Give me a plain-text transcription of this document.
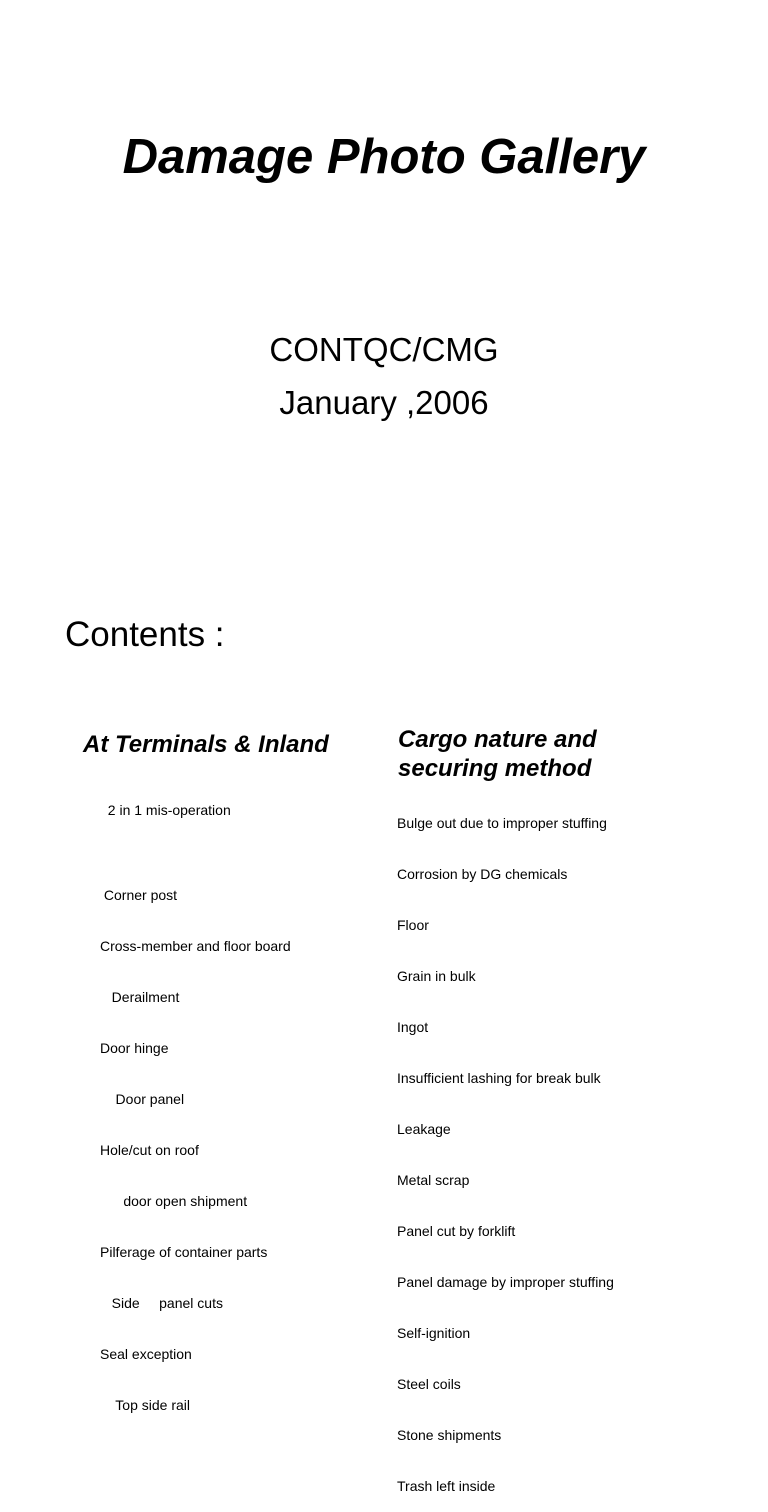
Damage Photo Gallery

CONTQC/CMG

January ,2006

Contents :

At Terminals & Inland

2 in 1 mis-operation

Corner post

Cross-member and floor board

Derailment

Door hinge

Door panel

Hole/cut on roof

door open shipment

Pilferage of container parts

Side     panel cuts

Seal exception

Top side rail

Cargo nature and
securing method

Bulge out due to improper stuffing

Corrosion by DG chemicals

Floor

Grain in bulk

Ingot

Insufficient lashing for break bulk

Leakage

Metal scrap

Panel cut by forklift

Panel damage by improper stuffing

Self-ignition

Steel coils

Stone shipments

Trash left inside
